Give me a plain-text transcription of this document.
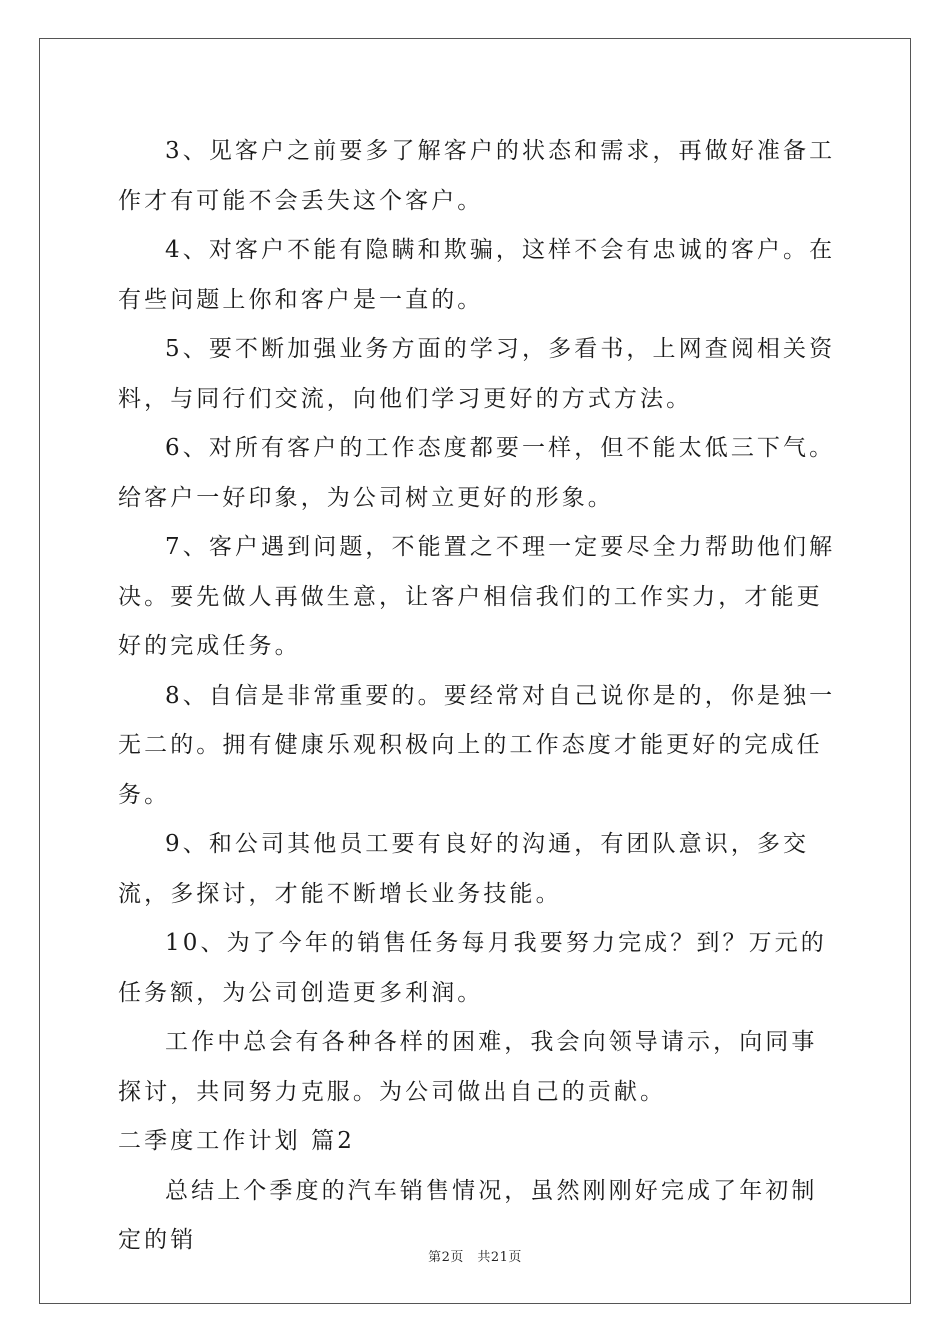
3、见客户之前要多了解客户的状态和需求，再做好准备工作才有可能不会丢失这个客户。

4、对客户不能有隐瞒和欺骗，这样不会有忠诚的客户。在有些问题上你和客户是一直的。

5、要不断加强业务方面的学习，多看书，上网查阅相关资料，与同行们交流，向他们学习更好的方式方法。

6、对所有客户的工作态度都要一样，但不能太低三下气。给客户一好印象，为公司树立更好的形象。

7、客户遇到问题，不能置之不理一定要尽全力帮助他们解决。要先做人再做生意，让客户相信我们的工作实力，才能更好的完成任务。

8、自信是非常重要的。要经常对自己说你是的，你是独一无二的。拥有健康乐观积极向上的工作态度才能更好的完成任务。

9、和公司其他员工要有良好的沟通，有团队意识，多交流，多探讨，才能不断增长业务技能。

10、为了今年的销售任务每月我要努力完成？到？万元的任务额，为公司创造更多利润。

工作中总会有各种各样的困难，我会向领导请示，向同事探讨，共同努力克服。为公司做出自己的贡献。

二季度工作计划 篇2

总结上个季度的汽车销售情况，虽然刚刚好完成了年初制定的销

第2页　共21页
